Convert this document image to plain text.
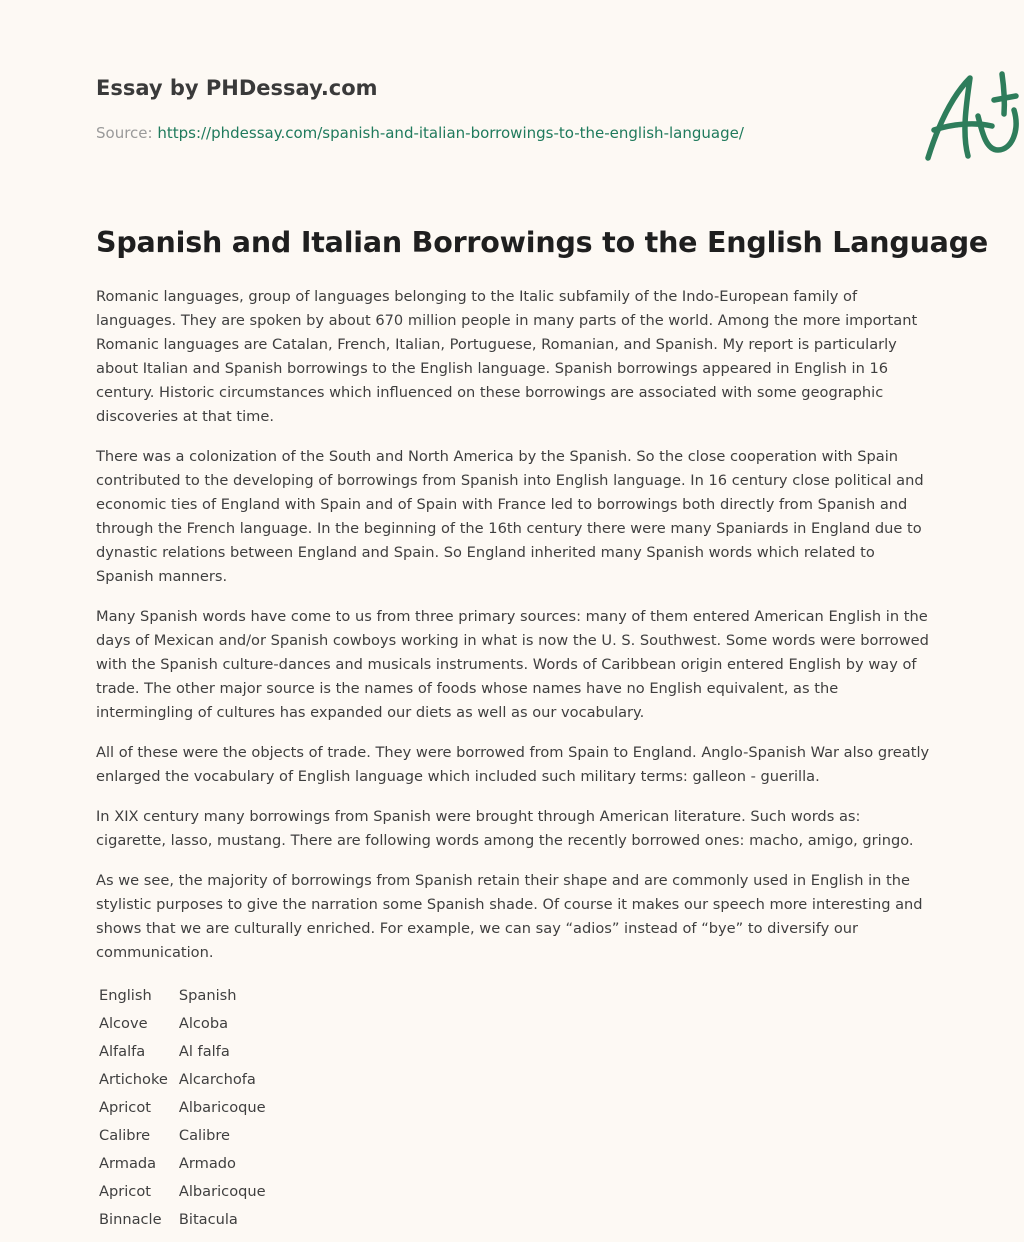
Essay by PHDessay.com
Source: https://phdessay.com/spanish-and-italian-borrowings-to-the-english-language/
Spanish and Italian Borrowings to the English Language

Romanic languages, group of languages belonging to the Italic subfamily of the Indo-European family of languages. They are spoken by about 670 million people in many parts of the world. Among the more important Romanic languages are Catalan, French, Italian, Portuguese, Romanian, and Spanish. My report is particularly about Italian and Spanish borrowings to the English language. Spanish borrowings appeared in English in 16 century. Historic circumstances which influenced on these borrowings are associated with some geographic discoveries at that time.

There was a colonization of the South and North America by the Spanish. So the close cooperation with Spain contributed to the developing of borrowings from Spanish into English language. In 16 century close political and economic ties of England with Spain and of Spain with France led to borrowings both directly from Spanish and through the French language. In the beginning of the 16th century there were many Spaniards in England due to dynastic relations between England and Spain. So England inherited many Spanish words which related to Spanish manners.

Many Spanish words have come to us from three primary sources: many of them entered American English in the days of Mexican and/or Spanish cowboys working in what is now the U. S. Southwest. Some words were borrowed with the Spanish culture-dances and musicals instruments. Words of Caribbean origin entered English by way of trade. The other major source is the names of foods whose names have no English equivalent, as the intermingling of cultures has expanded our diets as well as our vocabulary.

All of these were the objects of trade. They were borrowed from Spain to England. Anglo-Spanish War also greatly enlarged the vocabulary of English language which included such military terms: galleon - guerilla.

In XIX century many borrowings from Spanish were brought through American literature. Such words as: cigarette, lasso, mustang. There are following words among the recently borrowed ones: macho, amigo, gringo.

As we see, the majority of borrowings from Spanish retain their shape and are commonly used in English in the stylistic purposes to give the narration some Spanish shade. Of course it makes our speech more interesting and shows that we are culturally enriched. For example, we can say “adios” instead of “bye” to diversify our communication.

English	Spanish
Alcove	Alcoba
Alfalfa	Al falfa
Artichoke	Alcarchofa
Apricot	Albaricoque
Calibre	Calibre
Armada	Armado
Apricot	Albaricoque
Binnacle	Bitacula
